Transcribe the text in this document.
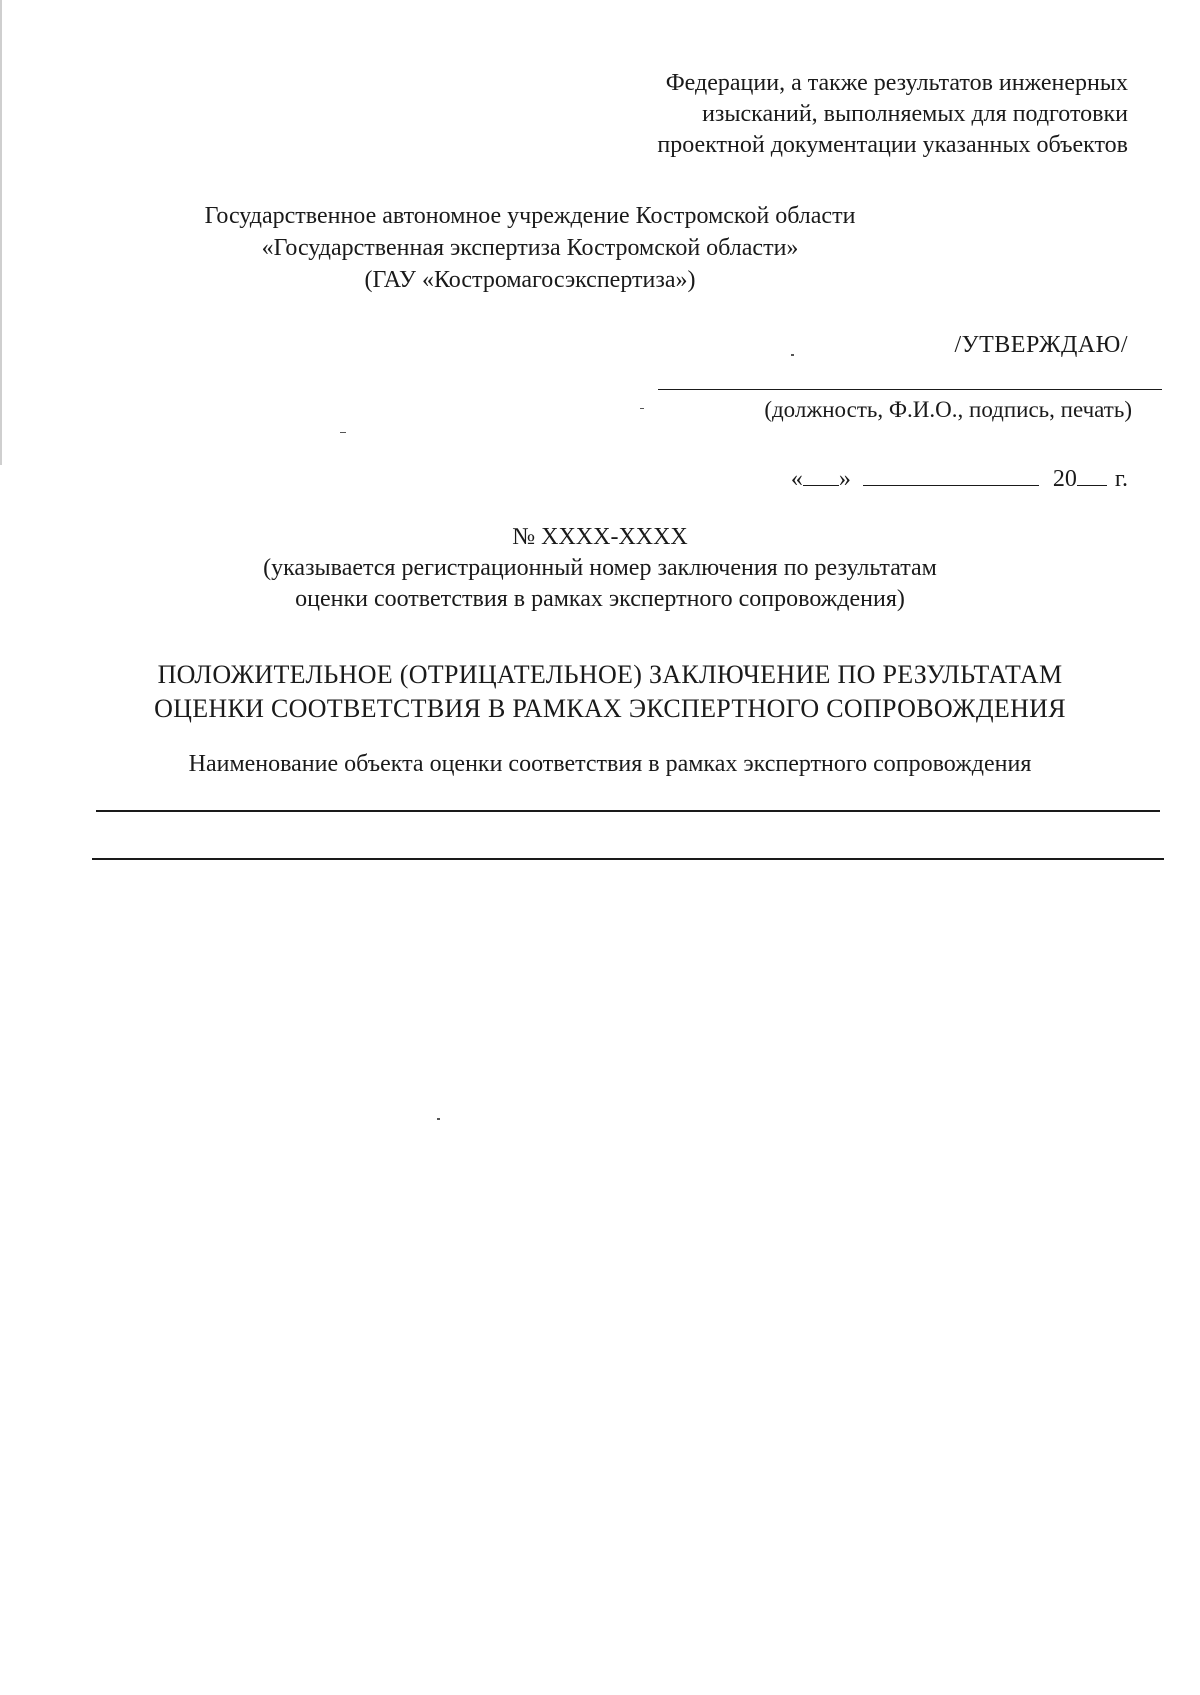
Федерации, а также результатов инженерных
изысканий, выполняемых для подготовки
проектной документации указанных объектов
Государственное автономное учреждение Костромской области
«Государственная экспертиза Костромской области»
(ГАУ «Костромагосэкспертиза»)
/УТВЕРЖДАЮ/
(должность, Ф.И.О., подпись, печать)
« »	20 г.
№ XXXX-XXXX
(указывается регистрационный номер заключения по результатам
оценки соответствия в рамках экспертного сопровождения)
ПОЛОЖИТЕЛЬНОЕ (ОТРИЦАТЕЛЬНОЕ) ЗАКЛЮЧЕНИЕ ПО РЕЗУЛЬТАТАМ
ОЦЕНКИ СООТВЕТСТВИЯ В РАМКАХ ЭКСПЕРТНОГО СОПРОВОЖДЕНИЯ
Наименование объекта оценки соответствия в рамках экспертного сопровождения
